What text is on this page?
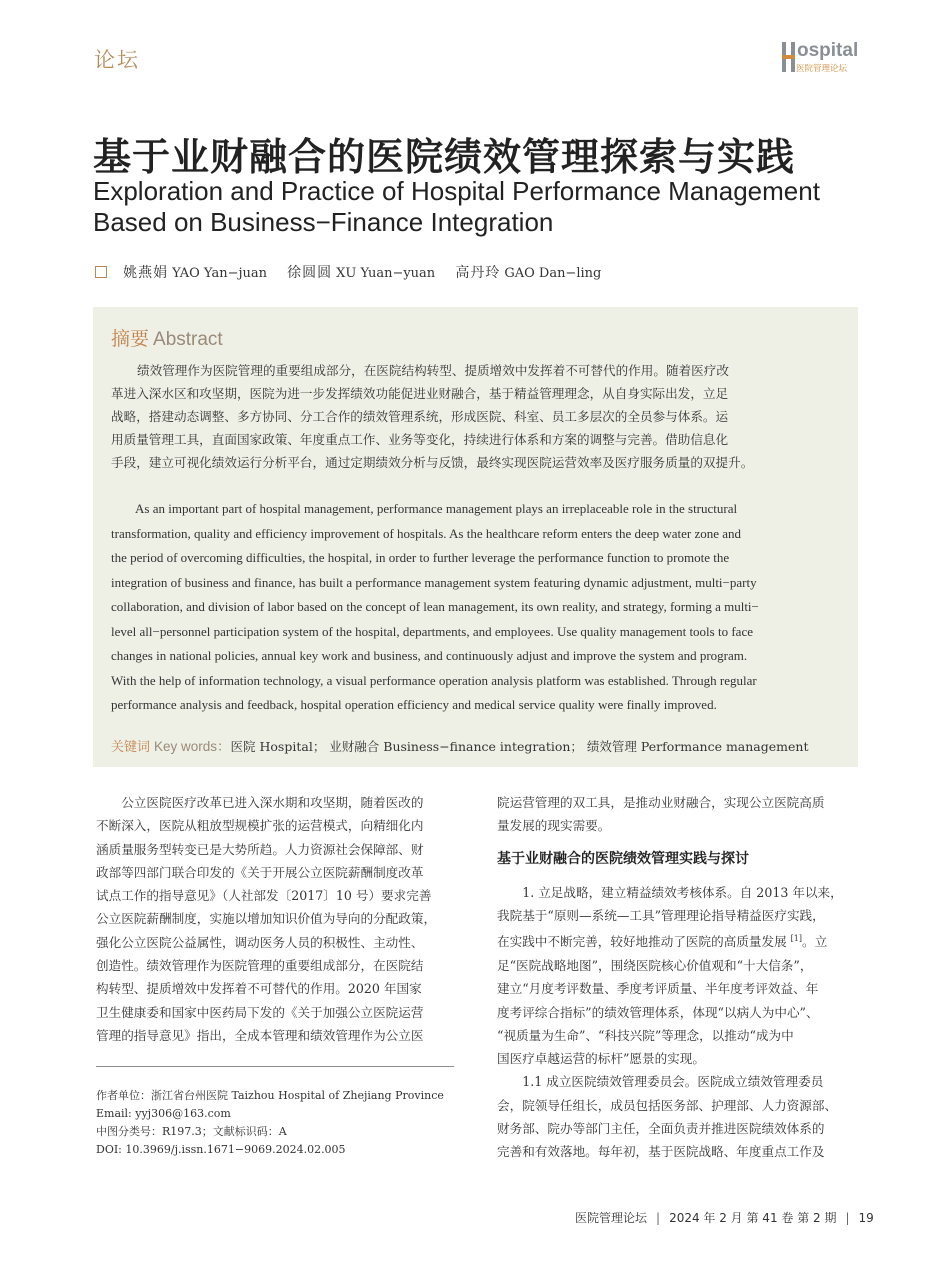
论坛	ospital
医院管理论坛
基于业财融合的医院绩效管理探索与实践
Exploration and Practice of Hospital Performance Management
Based on Business−Finance Integration
姚燕娟 YAO Yan−juan 徐圆圆 XU Yuan−yuan 高丹玲 GAO Dan−ling
摘要 Abstract
绩效管理作为医院管理的重要组成部分，在医院结构转型、提质增效中发挥着不可替代的作用。随着医疗改
革进入深水区和攻坚期，医院为进一步发挥绩效功能促进业财融合，基于精益管理理念，从自身实际出发，立足
战略，搭建动态调整、多方协同、分工合作的绩效管理系统，形成医院、科室、员工多层次的全员参与体系。运
用质量管理工具，直面国家政策、年度重点工作、业务等变化，持续进行体系和方案的调整与完善。借助信息化
手段，建立可视化绩效运行分析平台，通过定期绩效分析与反馈，最终实现医院运营效率及医疗服务质量的双提升。
As an important part of hospital management, performance management plays an irreplaceable role in the structural
transformation, quality and efficiency improvement of hospitals. As the healthcare reform enters the deep water zone and
the period of overcoming difficulties, the hospital, in order to further leverage the performance function to promote the
integration of business and finance, has built a performance management system featuring dynamic adjustment, multi−party
collaboration, and division of labor based on the concept of lean management, its own reality, and strategy, forming a multi−
level all−personnel participation system of the hospital, departments, and employees. Use quality management tools to face
changes in national policies, annual key work and business, and continuously adjust and improve the system and program.
With the help of information technology, a visual performance operation analysis platform was established. Through regular
performance analysis and feedback, hospital operation efficiency and medical service quality were finally improved.
关键词 Key words：医院 Hospital； 业财融合 Business−finance integration； 绩效管理 Performance management
　　公立医院医疗改革已进入深水期和攻坚期，随着医改的
不断深入，医院从粗放型规模扩张的运营模式，向精细化内
涵质量服务型转变已是大势所趋。人力资源社会保障部、财
政部等四部门联合印发的《关于开展公立医院薪酬制度改革
试点工作的指导意见》（人社部发〔2017〕10 号）要求完善
公立医院薪酬制度，实施以增加知识价值为导向的分配政策，
强化公立医院公益属性，调动医务人员的积极性、主动性、
创造性。绩效管理作为医院管理的重要组成部分，在医院结
构转型、提质增效中发挥着不可替代的作用。2020 年国家
卫生健康委和国家中医药局下发的《关于加强公立医院运营
管理的指导意见》指出，全成本管理和绩效管理作为公立医
院运营管理的双工具，是推动业财融合，实现公立医院高质
量发展的现实需要。
基于业财融合的医院绩效管理实践与探讨
　　1. 立足战略，建立精益绩效考核体系。自 2013 年以来，
我院基于“原则—系统—工具”管理理论指导精益医疗实践，
在实践中不断完善，较好地推动了医院的高质量发展 [1]。立
足“医院战略地图”，围绕医院核心价值观和“十大信条”，
建立“月度考评数量、季度考评质量、半年度考评效益、年
度考评综合指标”的绩效管理体系，体现“以病人为中心”、
“视质量为生命”、“科技兴院”等理念，以推动“成为中
国医疗卓越运营的标杆”愿景的实现。
　　1.1 成立医院绩效管理委员会。医院成立绩效管理委员
会，院领导任组长，成员包括医务部、护理部、人力资源部、
财务部、院办等部门主任，全面负责并推进医院绩效体系的
完善和有效落地。每年初，基于医院战略、年度重点工作及
作者单位：浙江省台州医院 Taizhou Hospital of Zhejiang Province
Email: yyj306@163.com
中图分类号：R197.3；文献标识码：A
DOI: 10.3969/j.issn.1671−9069.2024.02.005
医院管理论坛 | 2024 年 2 月 第 41 卷 第 2 期 | 19
